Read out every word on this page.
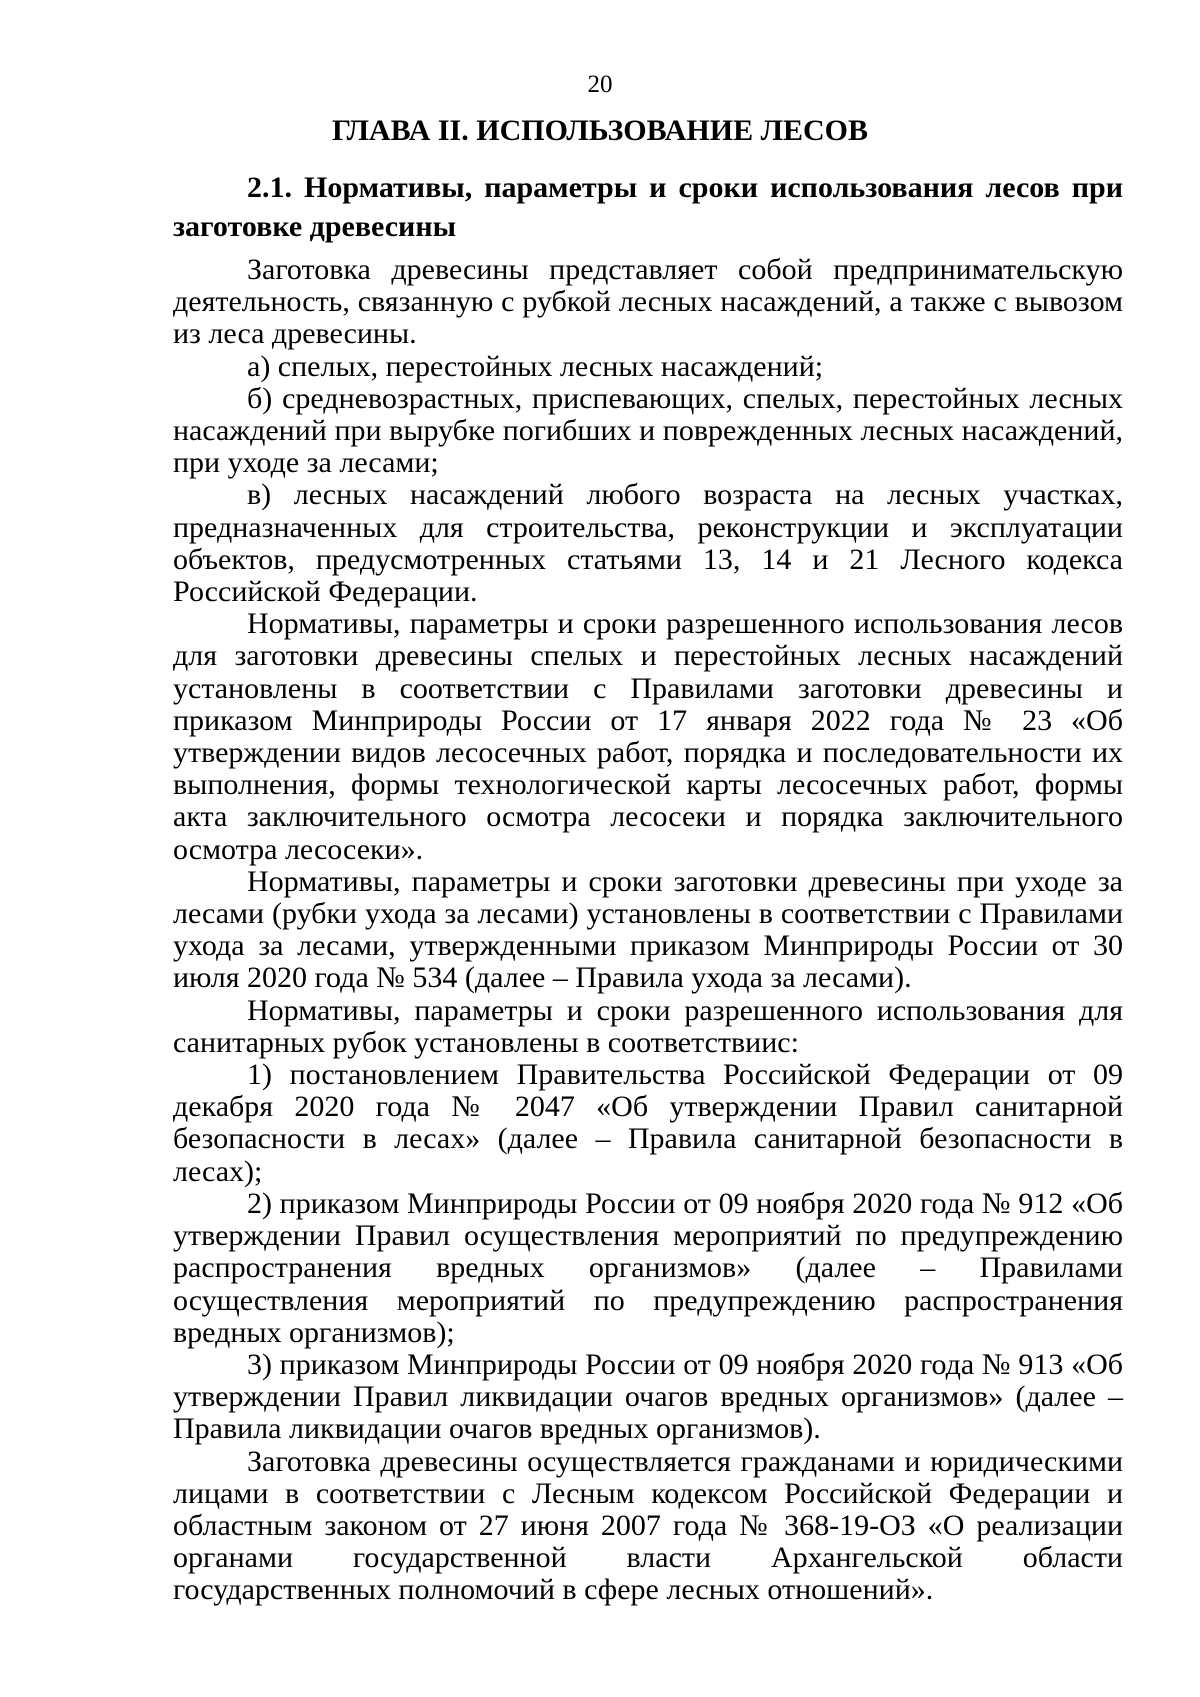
20
ГЛАВА II. ИСПОЛЬЗОВАНИЕ ЛЕСОВ

2.1. Нормативы, параметры и сроки использования лесов при заготовке древесины

Заготовка древесины представляет собой предпринимательскую деятельность, связанную с рубкой лесных насаждений, а также с вывозом из леса древесины.

а) спелых, перестойных лесных насаждений;

б) средневозрастных, приспевающих, спелых, перестойных лесных насаждений при вырубке погибших и поврежденных лесных насаждений, при уходе за лесами;

в) лесных насаждений любого возраста на лесных участках, предназначенных для строительства, реконструкции и эксплуатации объектов, предусмотренных статьями 13, 14 и 21 Лесного кодекса Российской Федерации.

Нормативы, параметры и сроки разрешенного использования лесов для заготовки древесины спелых и перестойных лесных насаждений установлены в соответствии с Правилами заготовки древесины и приказом Минприроды России от 17 января 2022 года № 23 «Об утверждении видов лесосечных работ, порядка и последовательности их выполнения, формы технологической карты лесосечных работ, формы акта заключительного осмотра лесосеки и порядка заключительного осмотра лесосеки».

Нормативы, параметры и сроки заготовки древесины при уходе за лесами (рубки ухода за лесами) установлены в соответствии с Правилами ухода за лесами, утвержденными приказом Минприроды России от 30 июля 2020 года № 534 (далее – Правила ухода за лесами).

Нормативы, параметры и сроки разрешенного использования для санитарных рубок установлены в соответствиис:

1) постановлением Правительства Российской Федерации от 09 декабря 2020 года № 2047 «Об утверждении Правил санитарной безопасности в лесах» (далее – Правила санитарной безопасности в лесах);

2) приказом Минприроды России от 09 ноября 2020 года № 912 «Об утверждении Правил осуществления мероприятий по предупреждению распространения вредных организмов» (далее – Правилами осуществления мероприятий по предупреждению распространения вредных организмов);

3) приказом Минприроды России от 09 ноября 2020 года № 913 «Об утверждении Правил ликвидации очагов вредных организмов» (далее – Правила ликвидации очагов вредных организмов).

Заготовка древесины осуществляется гражданами и юридическими лицами в соответствии с Лесным кодексом Российской Федерации и областным законом от 27 июня 2007 года № 368-19-ОЗ «О реализации органами государственной власти Архангельской области государственных полномочий в сфере лесных отношений».
